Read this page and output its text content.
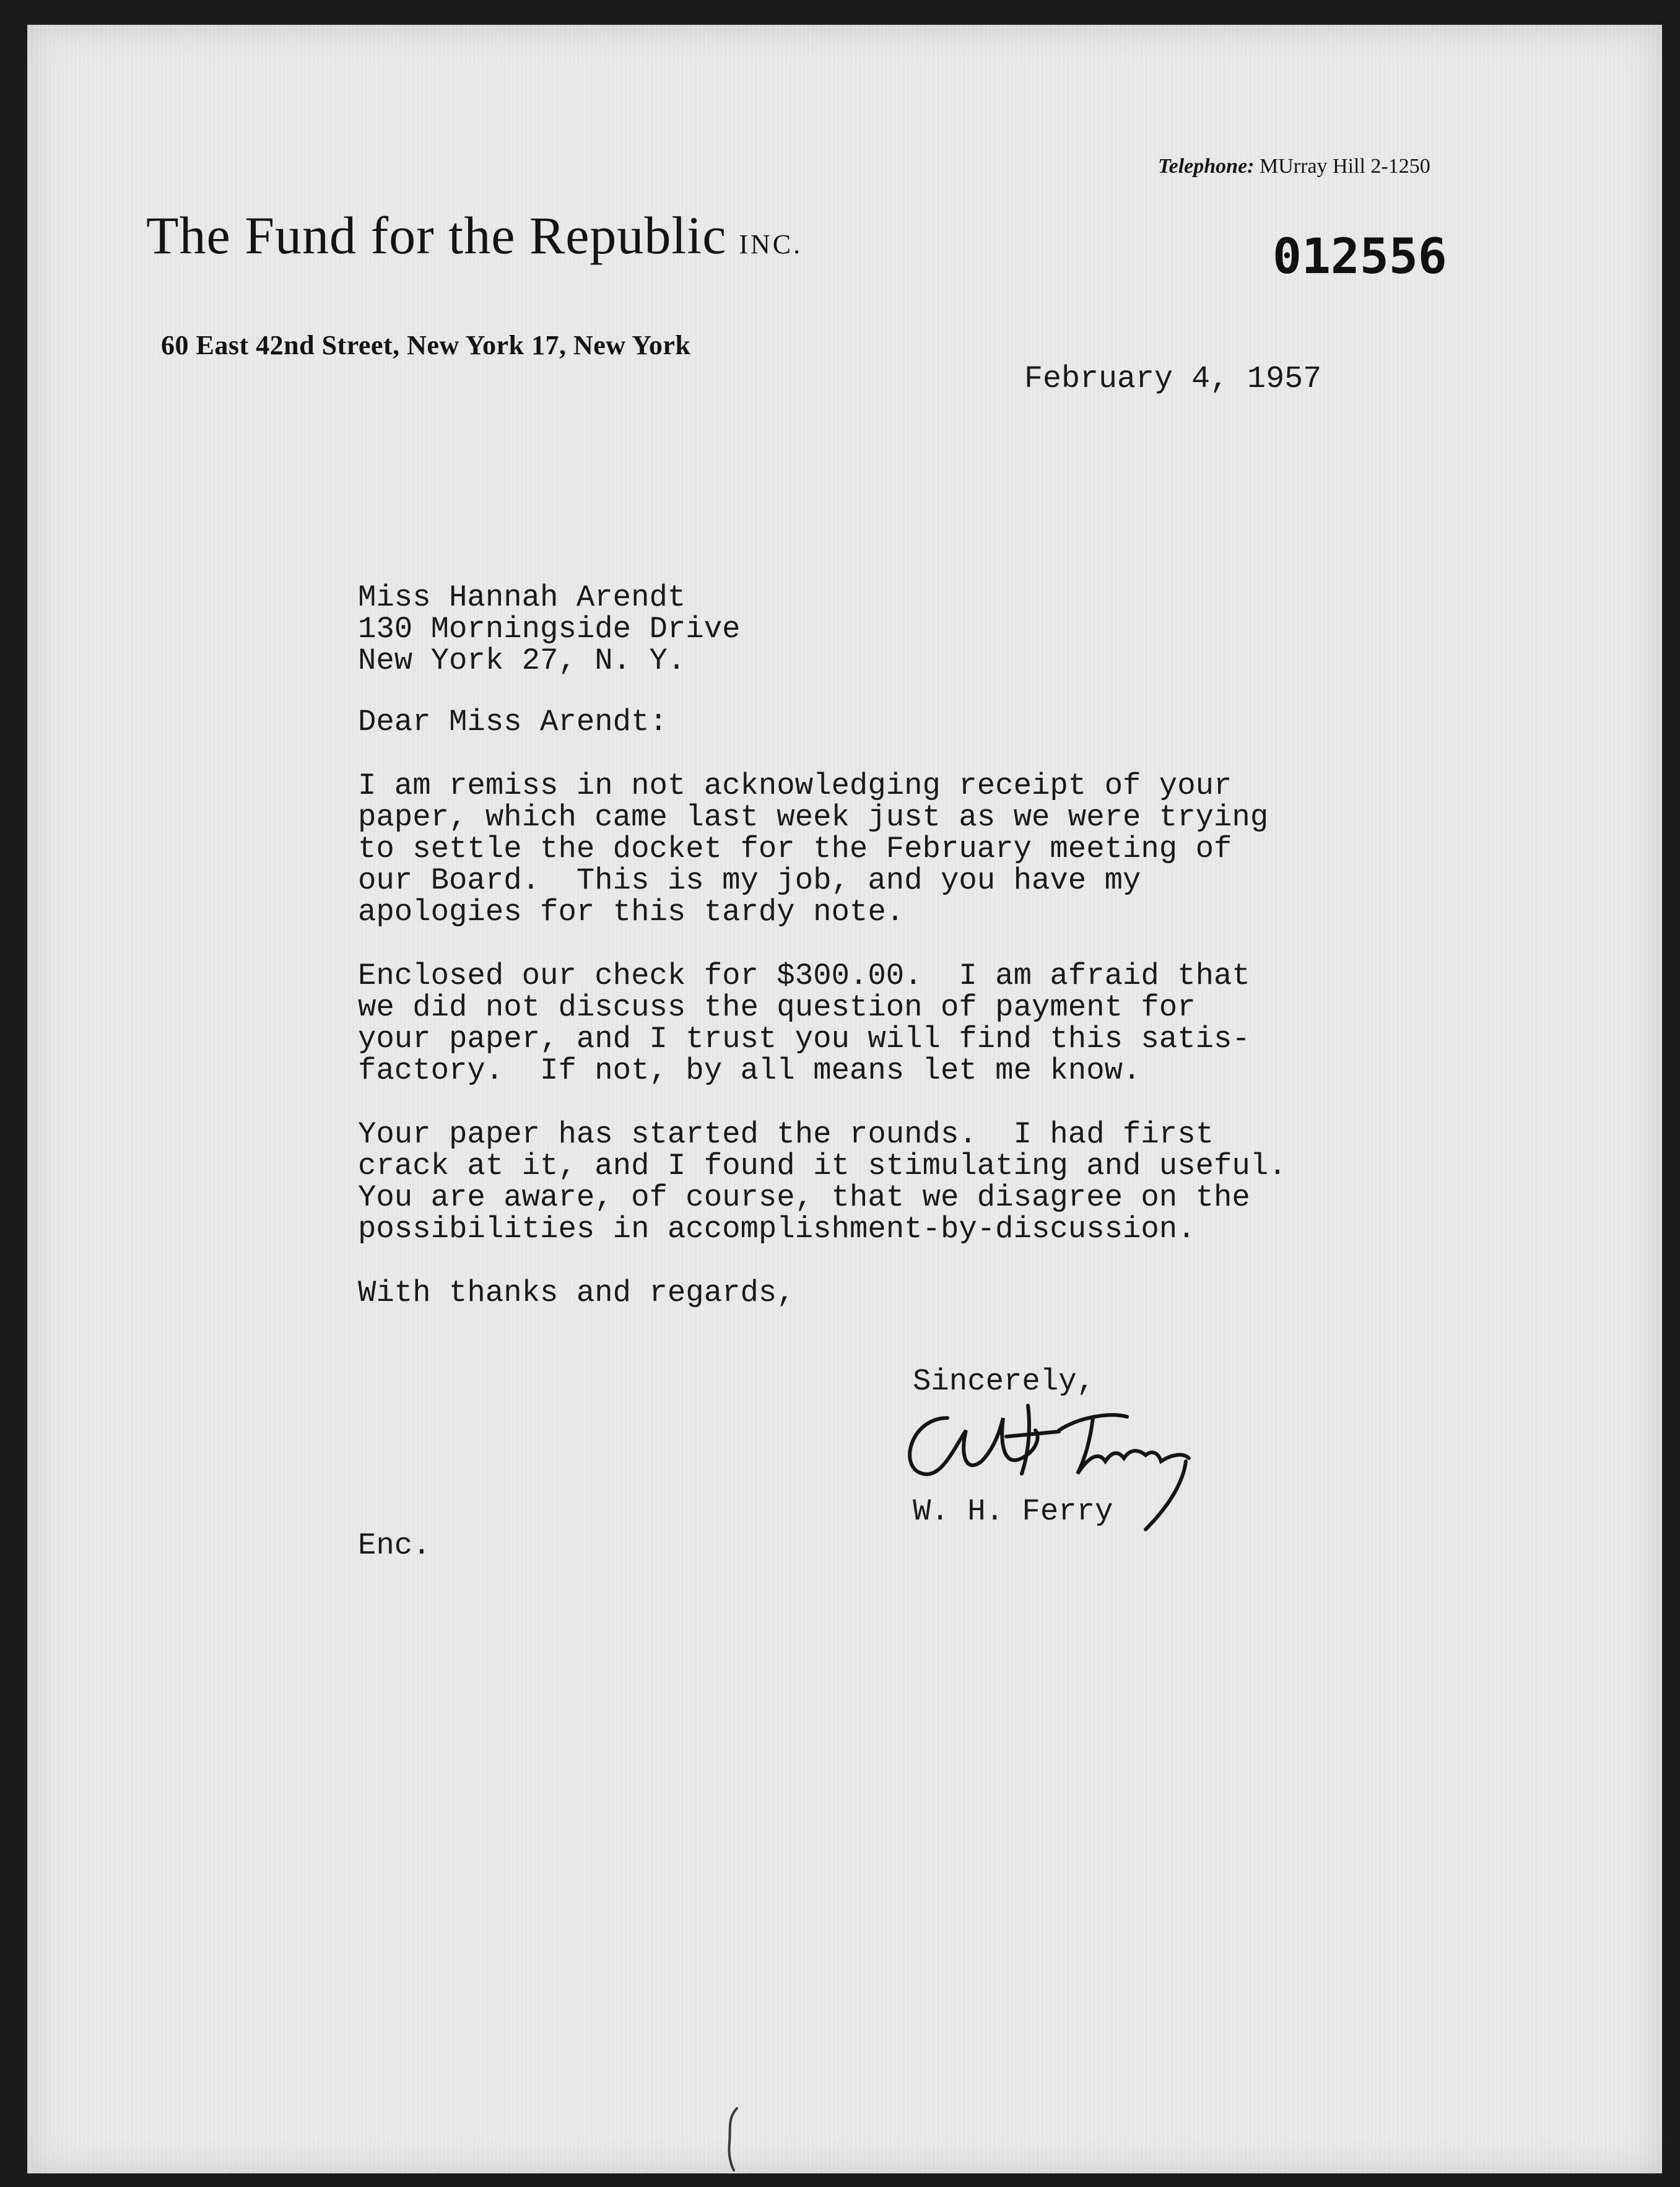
Telephone: MUrray Hill 2-1250
The Fund for the Republic INC.	012556
60 East 42nd Street, New York 17, New York
February 4, 1957
Miss Hannah Arendt
130 Morningside Drive
New York 27, N. Y.
Dear Miss Arendt:
I am remiss in not acknowledging receipt of your
paper, which came last week just as we were trying
to settle the docket for the February meeting of
our Board.  This is my job, and you have my
apologies for this tardy note.
Enclosed our check for $300.00.  I am afraid that
we did not discuss the question of payment for
your paper, and I trust you will find this satis-
factory.  If not, by all means let me know.
Your paper has started the rounds.  I had first
crack at it, and I found it stimulating and useful.
You are aware, of course, that we disagree on the
possibilities in accomplishment-by-discussion.
With thanks and regards,
Sincerely,
W. H. Ferry
Enc.
